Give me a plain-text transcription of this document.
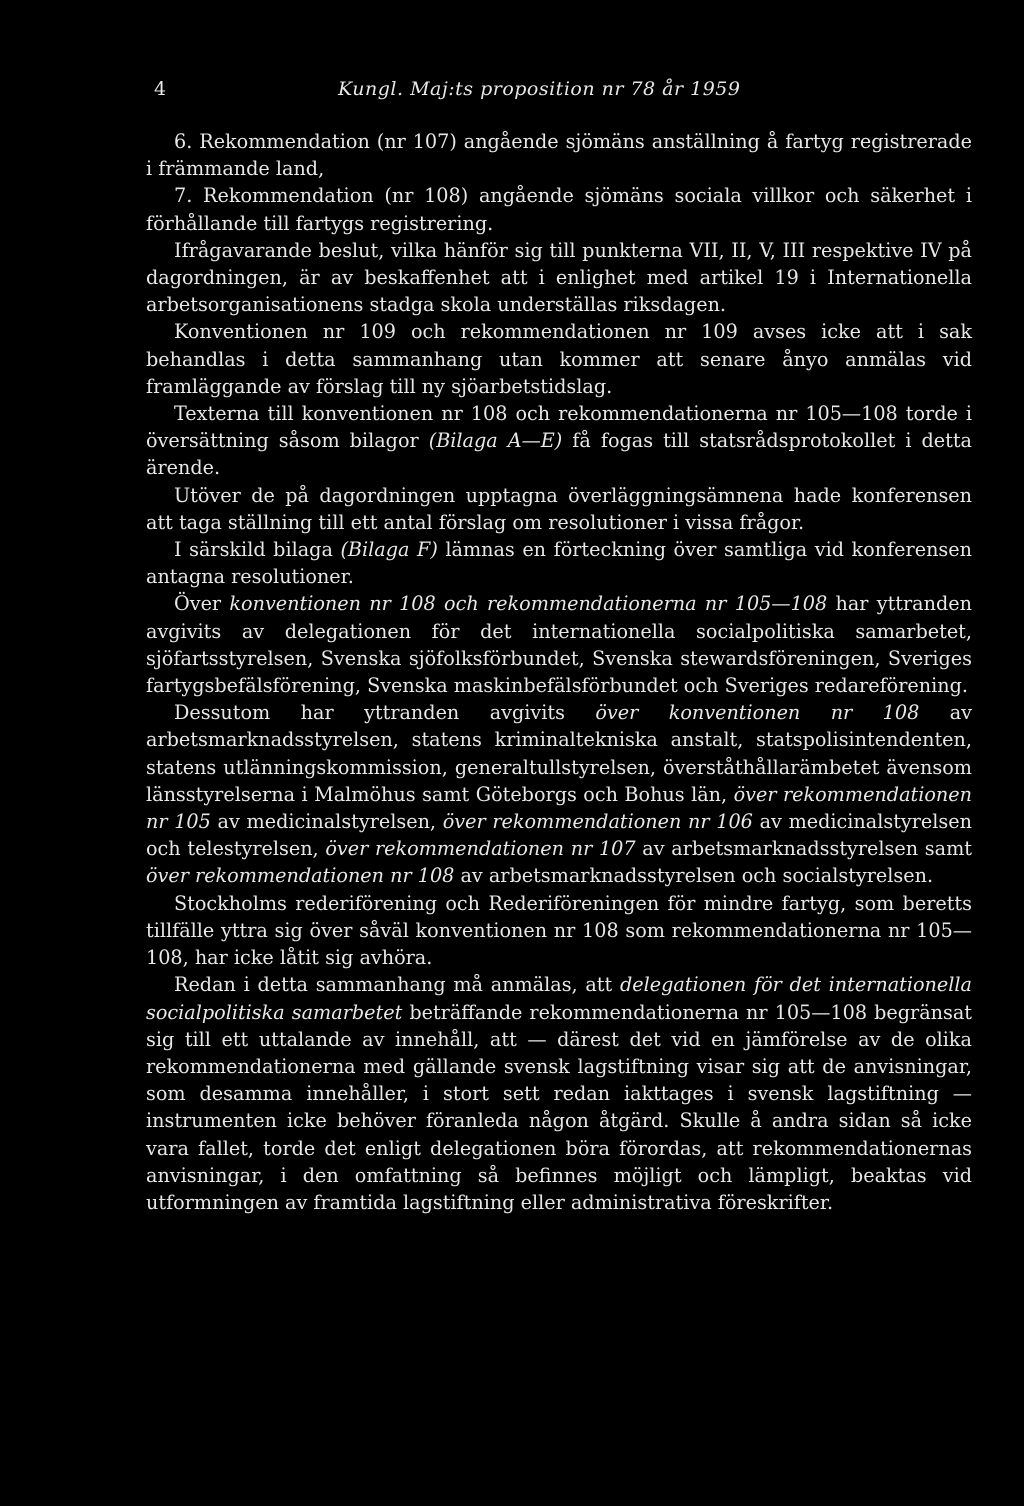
4	Kungl. Maj:ts proposition nr 78 år 1959

6. Rekommendation (nr 107) angående sjömäns anställning å fartyg registrerade i främmande land,

7. Rekommendation (nr 108) angående sjömäns sociala villkor och säkerhet i förhållande till fartygs registrering.

Ifrågavarande beslut, vilka hänför sig till punkterna VII, II, V, III respektive IV på dagordningen, är av beskaffenhet att i enlighet med artikel 19 i Internationella arbetsorganisationens stadga skola underställas riksdagen.

Konventionen nr 109 och rekommendationen nr 109 avses icke att i sak behandlas i detta sammanhang utan kommer att senare ånyo anmälas vid framläggande av förslag till ny sjöarbetstidslag.

Texterna till konventionen nr 108 och rekommendationerna nr 105—108 torde i översättning såsom bilagor (Bilaga A—E) få fogas till statsrådsprotokollet i detta ärende.

Utöver de på dagordningen upptagna överläggningsämnena hade konferensen att taga ställning till ett antal förslag om resolutioner i vissa frågor.

I särskild bilaga (Bilaga F) lämnas en förteckning över samtliga vid konferensen antagna resolutioner.

Över konventionen nr 108 och rekommendationerna nr 105—108 har yttranden avgivits av delegationen för det internationella socialpolitiska samarbetet, sjöfartsstyrelsen, Svenska sjöfolksförbundet, Svenska stewardsföreningen, Sveriges fartygsbefälsförening, Svenska maskinbefälsförbundet och Sveriges redareförening.

Dessutom har yttranden avgivits över konventionen nr 108 av arbetsmarknadsstyrelsen, statens kriminaltekniska anstalt, statspolisintendenten, statens utlänningskommission, generaltullstyrelsen, överståthållarämbetet ävensom länsstyrelserna i Malmöhus samt Göteborgs och Bohus län, över rekommendationen nr 105 av medicinalstyrelsen, över rekommendationen nr 106 av medicinalstyrelsen och telestyrelsen, över rekommendationen nr 107 av arbetsmarknadsstyrelsen samt över rekommendationen nr 108 av arbetsmarknadsstyrelsen och socialstyrelsen.

Stockholms rederiförening och Rederiföreningen för mindre fartyg, som beretts tillfälle yttra sig över såväl konventionen nr 108 som rekommendationerna nr 105—108, har icke låtit sig avhöra.

Redan i detta sammanhang må anmälas, att delegationen för det internationella socialpolitiska samarbetet beträffande rekommendationerna nr 105—108 begränsat sig till ett uttalande av innehåll, att — därest det vid en jämförelse av de olika rekommendationerna med gällande svensk lagstiftning visar sig att de anvisningar, som desamma innehåller, i stort sett redan iakttages i svensk lagstiftning — instrumenten icke behöver föranleda någon åtgärd. Skulle å andra sidan så icke vara fallet, torde det enligt delegationen böra förordas, att rekommendationernas anvisningar, i den omfattning så befinnes möjligt och lämpligt, beaktas vid utformningen av framtida lagstiftning eller administrativa föreskrifter.
